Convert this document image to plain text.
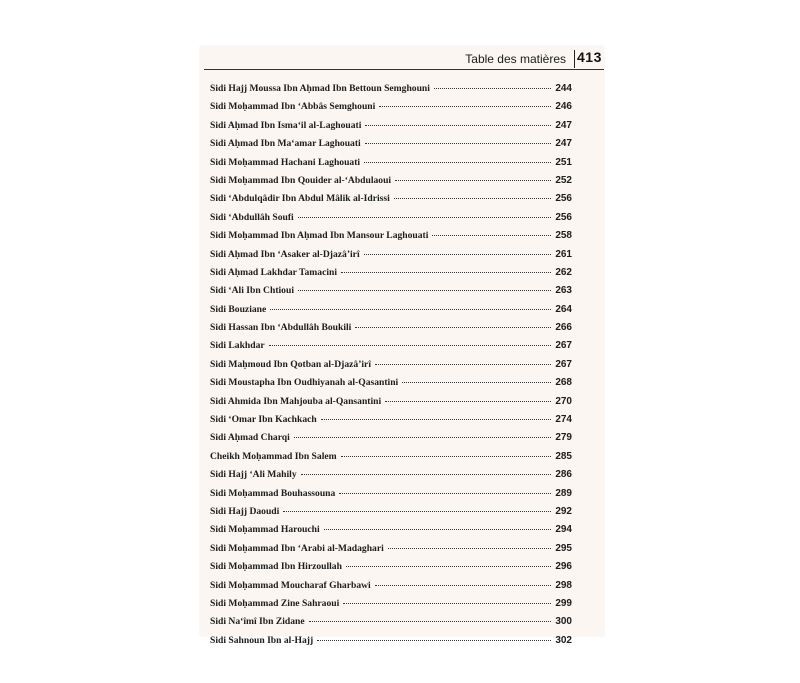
Table des matières 413
Sidi Hajj Moussa Ibn Aḥmad Ibn Bettoun Semghouni	244
Sidi Moḥammad Ibn ‘Abbâs Semghouni	246
Sidi Aḥmad Ibn Isma‘il al-Laghouati	247
Sidi Aḥmad Ibn Ma‘amar Laghouati	247
Sidi Moḥammad Hachani Laghouati	251
Sidi Moḥammad Ibn Qouider al-‘Abdulaoui	252
Sidi ‘Abdulqâdir Ibn Abdul Mâlik al-Idrissi	256
Sidi ‘Abdullâh Soufi	256
Sidi Moḥammad Ibn Aḥmad Ibn Mansour Laghouati	258
Sidi Aḥmad Ibn ‘Asaker al-Djazâ’irî	261
Sidi Aḥmad Lakhdar Tamacini	262
Sidi ‘Ali Ibn Chtioui	263
Sidi Bouziane	264
Sidi Hassan Ibn ‘Abdullâh Boukili	266
Sidi Lakhdar	267
Sidi Maḥmoud Ibn Qotban al-Djazâ’irî	267
Sidi Moustapha Ibn Oudhiyanah al-Qasantini	268
Sidi Ahmida Ibn Mahjouba al-Qansantini	270
Sidi ‘Omar Ibn Kachkach	274
Sidi Aḥmad Charqi	279
Cheikh Moḥammad Ibn Salem	285
Sidi Hajj ‘Ali Mahily	286
Sidi Moḥammad Bouhassouna	289
Sidi Hajj Daoudi	292
Sidi Moḥammad Harouchi	294
Sidi Moḥammad Ibn ‘Arabi al-Madaghari	295
Sidi Moḥammad Ibn Hirzoullah	296
Sidi Moḥammad Moucharaf Gharbawi	298
Sidi Moḥammad Zine Sahraoui	299
Sidi Na‘îmî Ibn Zidane	300
Sidi Sahnoun Ibn al-Hajj	302
